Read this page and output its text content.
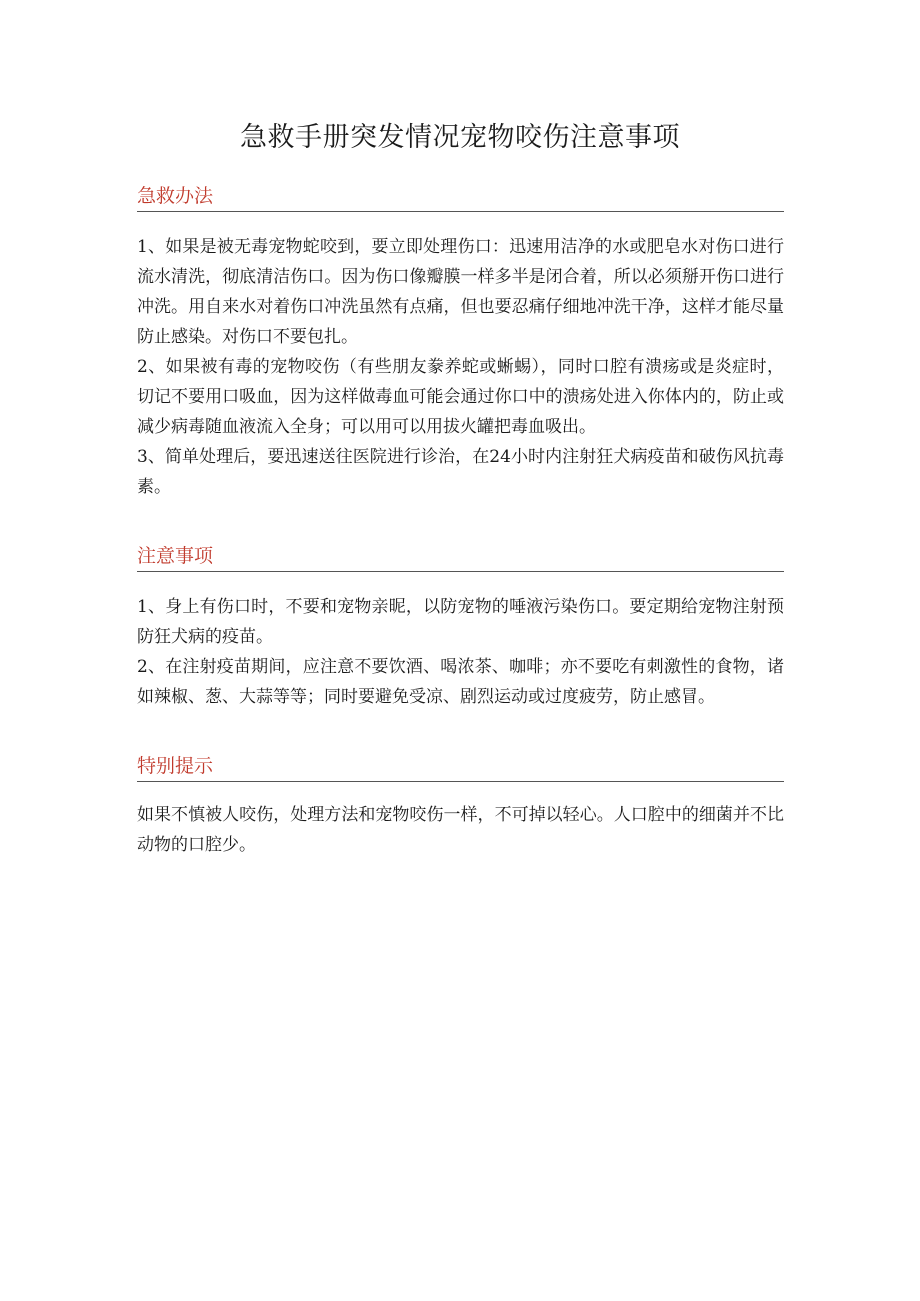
急救手册突发情况宠物咬伤注意事项
急救办法

1、如果是被无毒宠物蛇咬到，要立即处理伤口：迅速用洁净的水或肥皂水对伤口进行流水清洗，彻底清洁伤口。因为伤口像瓣膜一样多半是闭合着，所以必须掰开伤口进行冲洗。用自来水对着伤口冲洗虽然有点痛，但也要忍痛仔细地冲洗干净，这样才能尽量防止感染。对伤口不要包扎。

2、如果被有毒的宠物咬伤（有些朋友豢养蛇或蜥蜴），同时口腔有溃疡或是炎症时，切记不要用口吸血，因为这样做毒血可能会通过你口中的溃疡处进入你体内的，防止或减少病毒随血液流入全身；可以用可以用拔火罐把毒血吸出。

3、简单处理后，要迅速送往医院进行诊治，在24小时内注射狂犬病疫苗和破伤风抗毒素。

注意事项

1、身上有伤口时，不要和宠物亲昵，以防宠物的唾液污染伤口。要定期给宠物注射预防狂犬病的疫苗。

2、在注射疫苗期间，应注意不要饮酒、喝浓茶、咖啡；亦不要吃有刺激性的食物，诸如辣椒、葱、大蒜等等；同时要避免受凉、剧烈运动或过度疲劳，防止感冒。

特别提示

如果不慎被人咬伤，处理方法和宠物咬伤一样，不可掉以轻心。人口腔中的细菌并不比动物的口腔少。
